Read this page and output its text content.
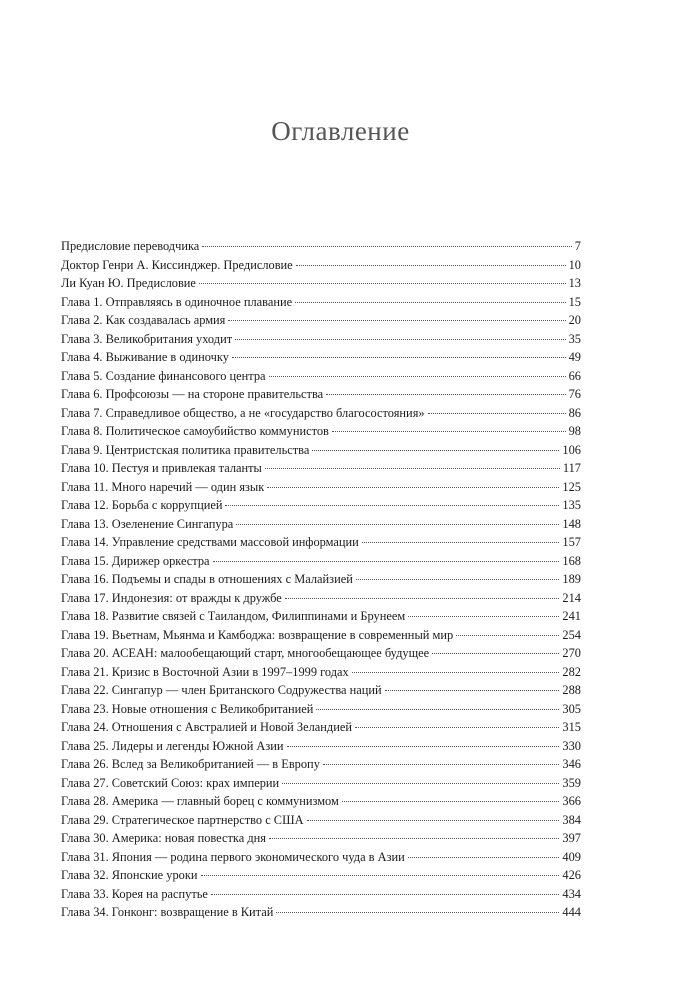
Оглавление
Предисловие переводчика	7
Доктор Генри А. Киссинджер. Предисловие	10
Ли Куан Ю. Предисловие	13
Глава 1. Отправляясь в одиночное плавание	15
Глава 2. Как создавалась армия	20
Глава 3. Великобритания уходит	35
Глава 4. Выживание в одиночку	49
Глава 5. Создание финансового центра	66
Глава 6. Профсоюзы — на стороне правительства	76
Глава 7. Справедливое общество, а не «государство благосостояния»	86
Глава 8. Политическое самоубийство коммунистов	98
Глава 9. Центристская политика правительства	106
Глава 10. Пестуя и привлекая таланты	117
Глава 11. Много наречий — один язык	125
Глава 12. Борьба с коррупцией	135
Глава 13. Озеленение Сингапура	148
Глава 14. Управление средствами массовой информации	157
Глава 15. Дирижер оркестра	168
Глава 16. Подъемы и спады в отношениях с Малайзией	189
Глава 17. Индонезия: от вражды к дружбе	214
Глава 18. Развитие связей с Таиландом, Филиппинами и Брунеем	241
Глава 19. Вьетнам, Мьянма и Камбоджа: возвращение в современный мир	254
Глава 20. АСЕАН: малообещающий старт, многообещающее будущее	270
Глава 21. Кризис в Восточной Азии в 1997–1999 годах	282
Глава 22. Сингапур — член Британского Содружества наций	288
Глава 23. Новые отношения с Великобританией	305
Глава 24. Отношения с Австралией и Новой Зеландией	315
Глава 25. Лидеры и легенды Южной Азии	330
Глава 26. Вслед за Великобританией — в Европу	346
Глава 27. Советский Союз: крах империи	359
Глава 28. Америка — главный борец с коммунизмом	366
Глава 29. Стратегическое партнерство с США	384
Глава 30. Америка: новая повестка дня	397
Глава 31. Япония — родина первого экономического чуда в Азии	409
Глава 32. Японские уроки	426
Глава 33. Корея на распутье	434
Глава 34. Гонконг: возвращение в Китай	444
